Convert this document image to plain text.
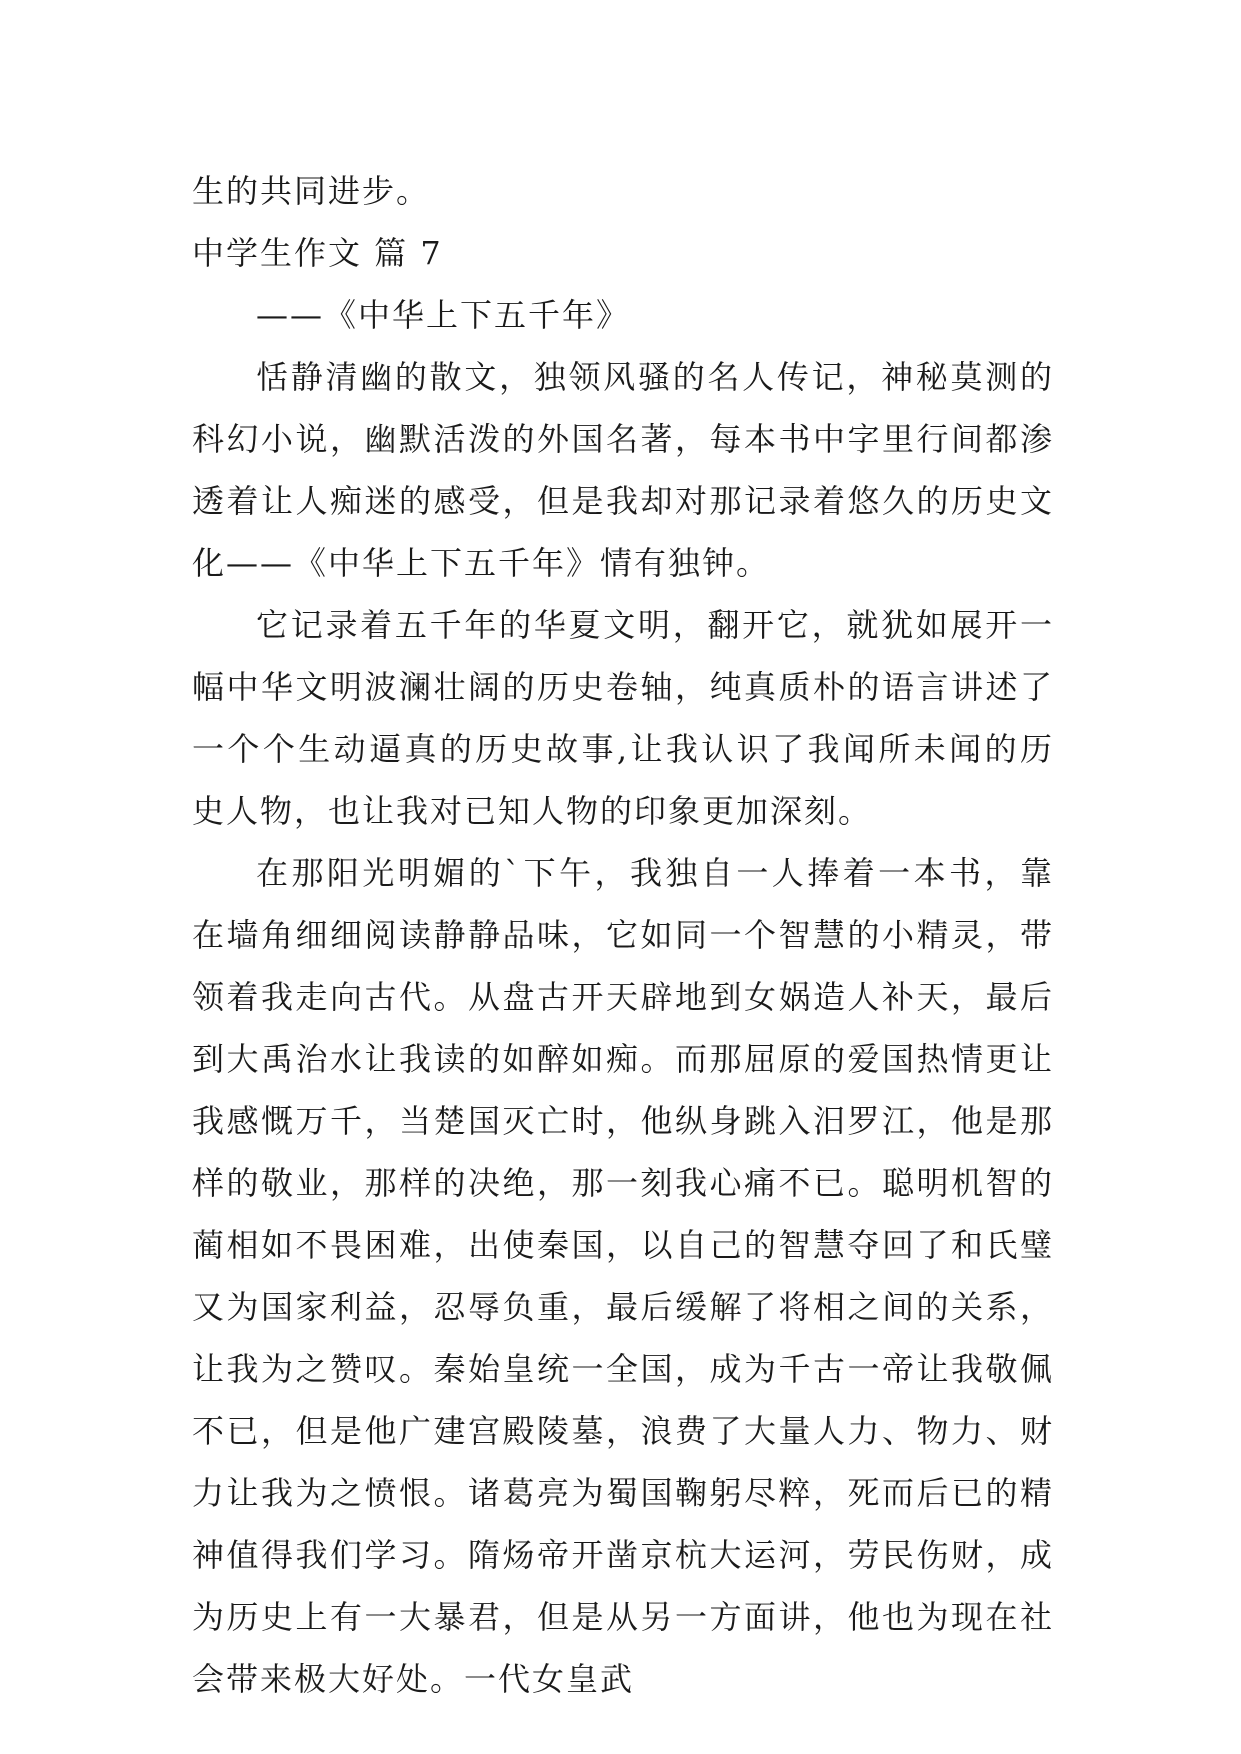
生的共同进步。
中学生作文 篇 7
——《中华上下五千年》

恬静清幽的散文，独领风骚的名人传记，神秘莫测的科幻小说，幽默活泼的外国名著，每本书中字里行间都渗透着让人痴迷的感受，但是我却对那记录着悠久的历史文化——《中华上下五千年》情有独钟。

它记录着五千年的华夏文明，翻开它，就犹如展开一幅中华文明波澜壮阔的历史卷轴，纯真质朴的语言讲述了一个个生动逼真的历史故事,让我认识了我闻所未闻的历史人物，也让我对已知人物的印象更加深刻。

在那阳光明媚的`下午，我独自一人捧着一本书，靠在墙角细细阅读静静品味，它如同一个智慧的小精灵，带领着我走向古代。从盘古开天辟地到女娲造人补天，最后到大禹治水让我读的如醉如痴。而那屈原的爱国热情更让我感慨万千，当楚国灭亡时，他纵身跳入汨罗江，他是那样的敬业，那样的决绝，那一刻我心痛不已。聪明机智的蔺相如不畏困难，出使秦国，以自己的智慧夺回了和氏璧又为国家利益，忍辱负重，最后缓解了将相之间的关系，让我为之赞叹。秦始皇统一全国，成为千古一帝让我敬佩不已，但是他广建宫殿陵墓，浪费了大量人力、物力、财力让我为之愤恨。诸葛亮为蜀国鞠躬尽粹，死而后已的精神值得我们学习。隋炀帝开凿京杭大运河，劳民伤财，成为历史上有一大暴君，但是从另一方面讲，他也为现在社会带来极大好处。一代女皇武
